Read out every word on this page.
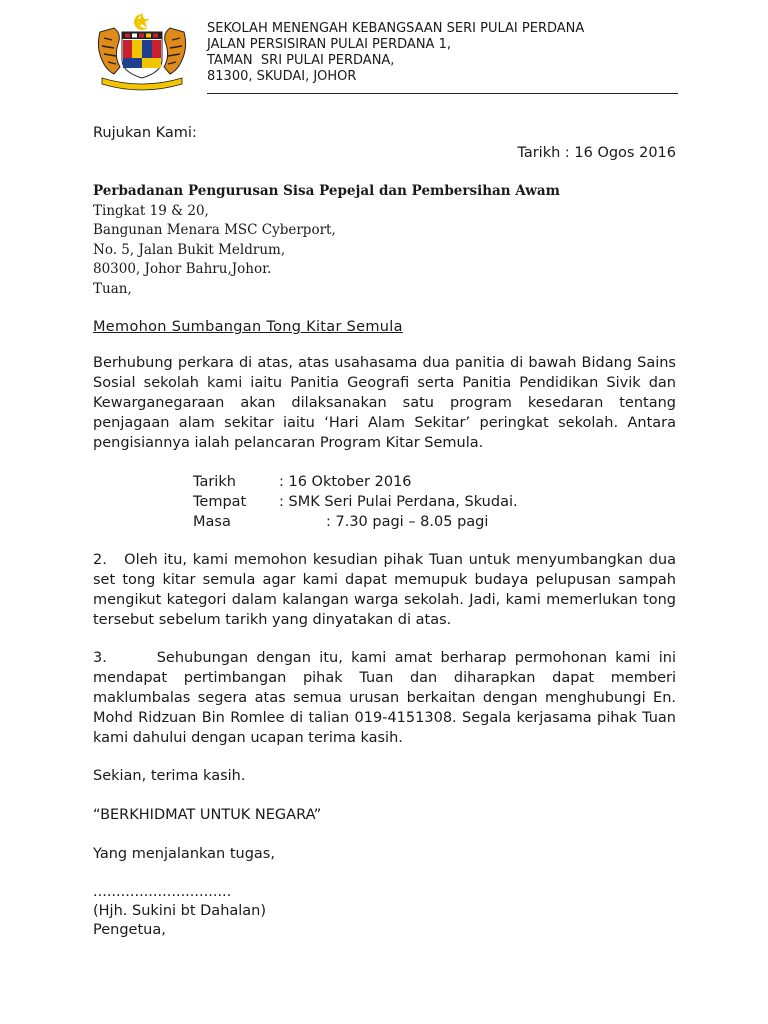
SEKOLAH MENENGAH KEBANGSAAN SERI PULAI PERDANA
JALAN PERSISIRAN PULAI PERDANA 1,
TAMAN  SRI PULAI PERDANA,
81300, SKUDAI, JOHOR
Rujukan Kami:
Tarikh : 16 Ogos 2016
Perbadanan Pengurusan Sisa Pepejal dan Pembersihan Awam
Tingkat 19 & 20,
Bangunan Menara MSC Cyberport,
No. 5, Jalan Bukit Meldrum,
80300, Johor Bahru,Johor.
Tuan,
Memohon Sumbangan Tong Kitar Semula
Berhubung perkara di atas, atas usahasama dua panitia di bawah Bidang Sains Sosial sekolah kami iaitu Panitia Geografi serta Panitia Pendidikan Sivik dan Kewarganegaraan akan dilaksanakan satu program kesedaran tentang penjagaan alam sekitar iaitu ‘Hari Alam Sekitar’ peringkat sekolah. Antara pengisiannya ialah pelancaran Program Kitar Semula.
Tarikh	: 16 Oktober 2016
Tempat	: SMK Seri Pulai Perdana, Skudai.
Masa	: 7.30 pagi – 8.05 pagi
2.   Oleh itu, kami memohon kesudian pihak Tuan untuk menyumbangkan dua set tong kitar semula agar kami dapat memupuk budaya pelupusan sampah mengikut kategori dalam kalangan warga sekolah. Jadi, kami memerlukan tong tersebut sebelum tarikh yang dinyatakan di atas.
3.      Sehubungan dengan itu, kami amat berharap permohonan kami ini mendapat pertimbangan pihak Tuan dan diharapkan dapat memberi maklumbalas segera atas semua urusan berkaitan dengan menghubungi En. Mohd Ridzuan Bin Romlee di talian 019-4151308. Segala kerjasama pihak Tuan kami dahului dengan ucapan terima kasih.
Sekian, terima kasih.
“BERKHIDMAT UNTUK NEGARA”
Yang menjalankan tugas,
..............................
(Hjh. Sukini bt Dahalan)
Pengetua,
